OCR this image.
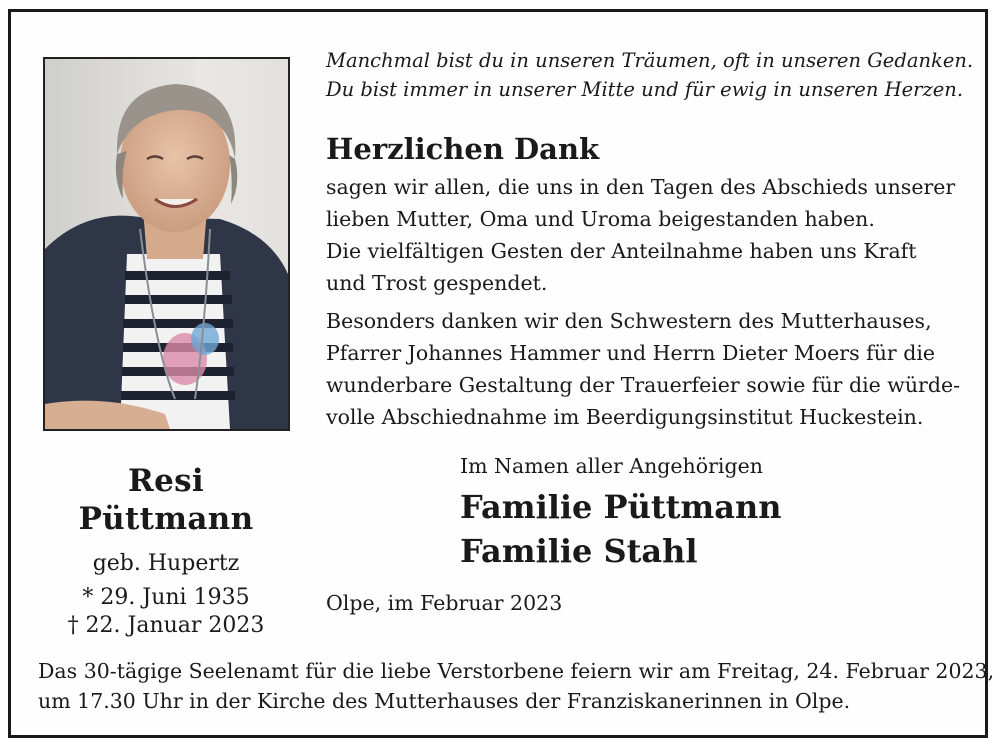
Resi Püttmann
geb. Hupertz
* 29. Juni 1935
† 22. Januar 2023
Manchmal bist du in unseren Träumen, oft in unseren Gedanken.
Du bist immer in unserer Mitte und für ewig in unseren Herzen.
Herzlichen Dank

sagen wir allen, die uns in den Tagen des Abschieds unserer
lieben Mutter, Oma und Uroma beigestanden haben.
Die vielfältigen Gesten der Anteilnahme haben uns Kraft
und Trost gespendet.

Besonders danken wir den Schwestern des Mutterhauses,
Pfarrer Johannes Hammer und Herrn Dieter Moers für die
wunderbare Gestaltung der Trauerfeier sowie für die würde-
volle Abschiednahme im Beerdigungsinstitut Huckestein.

Im Namen aller Angehörigen
Familie Püttmann
Familie Stahl
Olpe, im Februar 2023
Das 30-tägige Seelenamt für die liebe Verstorbene feiern wir am Freitag, 24. Februar 2023,
um 17.30 Uhr in der Kirche des Mutterhauses der Franziskanerinnen in Olpe.
